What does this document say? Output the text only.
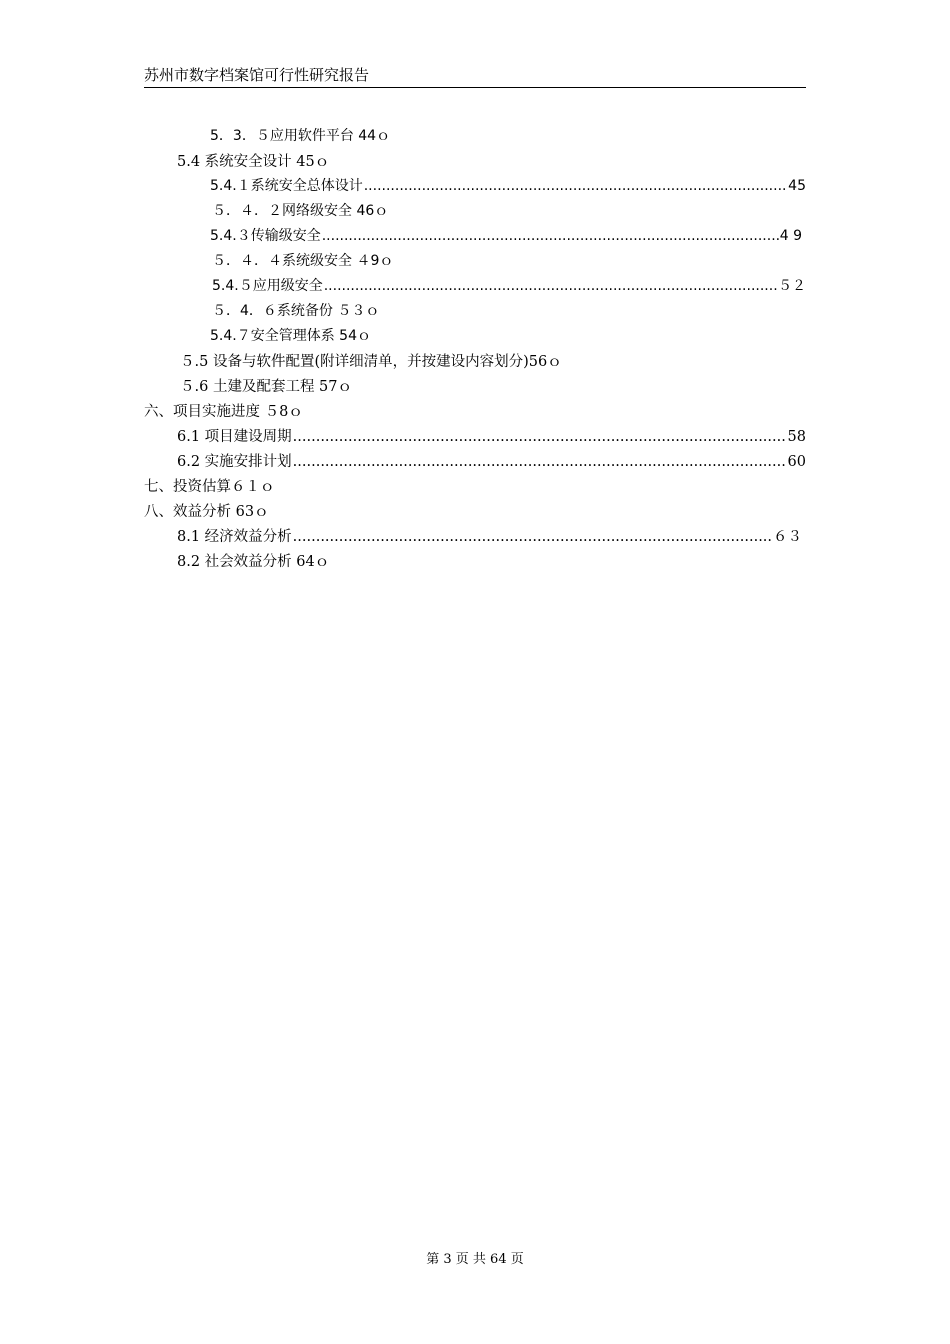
苏州市数字档案馆可行性研究报告
5．3．５应用软件平台 44 ｏ
5.4 系统安全设计 45 ｏ
5.4.１系统安全总体设计 .....	45
５．４．２网络级安全 46 ｏ
5.4.３传输级安全 .....	4 9
５．４．４系统级安全 ４9 ｏ
5.4.５应用级安全 .....	５２
５．4．６系统备份 ５３ ｏ
5.4.７安全管理体系 54 ｏ
５.5 设备与软件配置(附详细清单，并按建设内容划分)56 ｏ
５.6 土建及配套工程 57 ｏ
六、项目实施进度 ５8 ｏ
6.1 项目建设周期 .....	58
6.2 实施安排计划 .....	60
七、投资估算６１ ｏ
八、效益分析 63 ｏ
8.1 经济效益分析 .....	６３
8.2 社会效益分析 64 ｏ
第 3 页 共 64 页
